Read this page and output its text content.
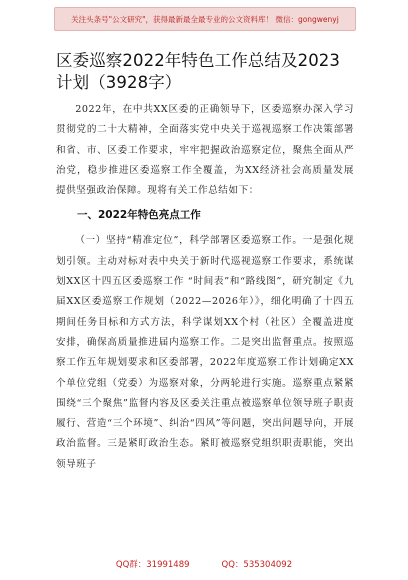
关注头条号"公文研究"，获得最新最全最专业的公文资料库！ 微信：gongwenyj
区委巡察2022年特色工作总结及2023计划（3928字）

2022年，在中共XX区委的正确领导下，区委巡察办深入学习贯彻党的二十大精神，全面落实党中央关于巡视巡察工作决策部署和省、市、区委工作要求，牢牢把握政治巡察定位，聚焦全面从严治党，稳步推进区委巡察工作全覆盖，为XX经济社会高质量发展提供坚强政治保障。现将有关工作总结如下：

一、2022年特色亮点工作

（一）坚持“精准定位”，科学部署区委巡察工作。一是强化规划引领。主动对标对表中央关于新时代巡视巡察工作要求，系统谋划XX区十四五区委巡察工作 “时间表”和“路线图”，研究制定《九届XX区委巡察工作规划（2022—2026年）》，细化明确了十四五期间任务目标和方式方法，科学谋划XX个村（社区）全覆盖进度安排，确保高质量推进届内巡察工作。二是突出监督重点。按照巡察工作五年规划要求和区委部署，2022年度巡察工作计划确定XX个单位党组（党委）为巡察对象，分两轮进行实施。巡察重点紧紧围绕“三个聚焦”监督内容及区委关注重点被巡察单位领导班子职责履行、营造“三个环境”、纠治“四风”等问题，突出问题导向，开展政治监督。三是紧盯政治生态。紧盯被巡察党组织职责职能，突出领导班子

QQ群：31991489	QQ：535304092
